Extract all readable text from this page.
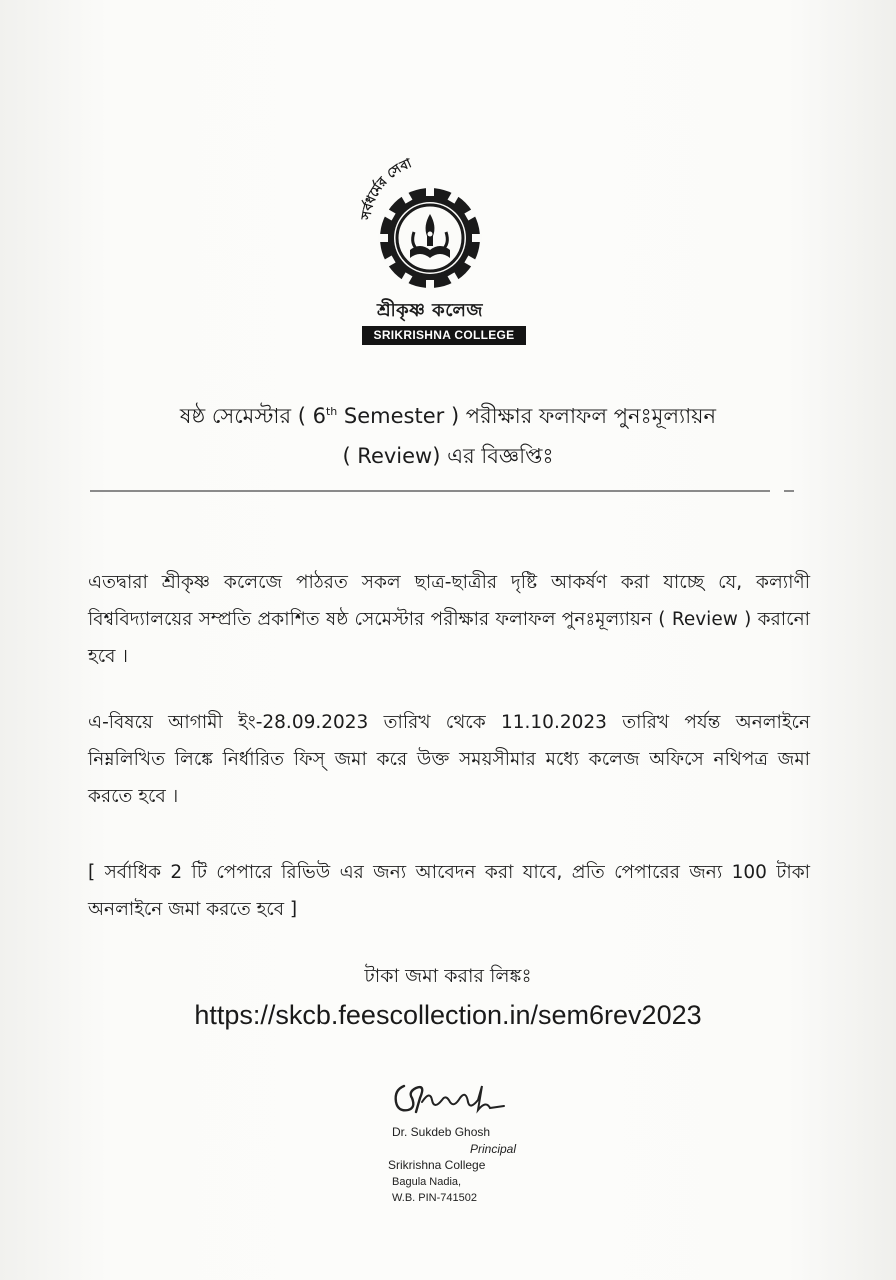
সর্বধর্মের সেবা
শ্রীকৃষ্ণ কলেজ
SRIKRISHNA COLLEGE
ষষ্ঠ সেমেস্টার ( 6th Semester ) পরীক্ষার ফলাফল পুনঃমূল্যায়ন
( Review) এর বিজ্ঞপ্তিঃ
এতদ্বারা শ্রীকৃষ্ণ কলেজে পাঠরত সকল ছাত্র-ছাত্রীর দৃষ্টি আকর্ষণ করা যাচ্ছে যে, কল্যাণী বিশ্ববিদ্যালয়ের সম্প্রতি প্রকাশিত ষষ্ঠ সেমেস্টার পরীক্ষার ফলাফল পুনঃমূল্যায়ন ( Review ) করানো হবে ।
এ-বিষয়ে আগামী ইং-28.09.2023 তারিখ থেকে 11.10.2023 তারিখ পর্যন্ত অনলাইনে নিম্নলিখিত লিঙ্কে নির্ধারিত ফিস্ জমা করে উক্ত সময়সীমার মধ্যে কলেজ অফিসে নথিপত্র জমা করতে হবে ।
[ সর্বাধিক 2 টি পেপারে রিভিউ এর জন্য আবেদন করা যাবে, প্রতি পেপারের জন্য 100 টাকা অনলাইনে জমা করতে হবে ]
টাকা জমা করার লিঙ্কঃ
https://skcb.feescollection.in/sem6rev2023
Dr. Sukdeb Ghosh
Principal
Srikrishna College
Bagula Nadia,
W.B. PIN-741502
